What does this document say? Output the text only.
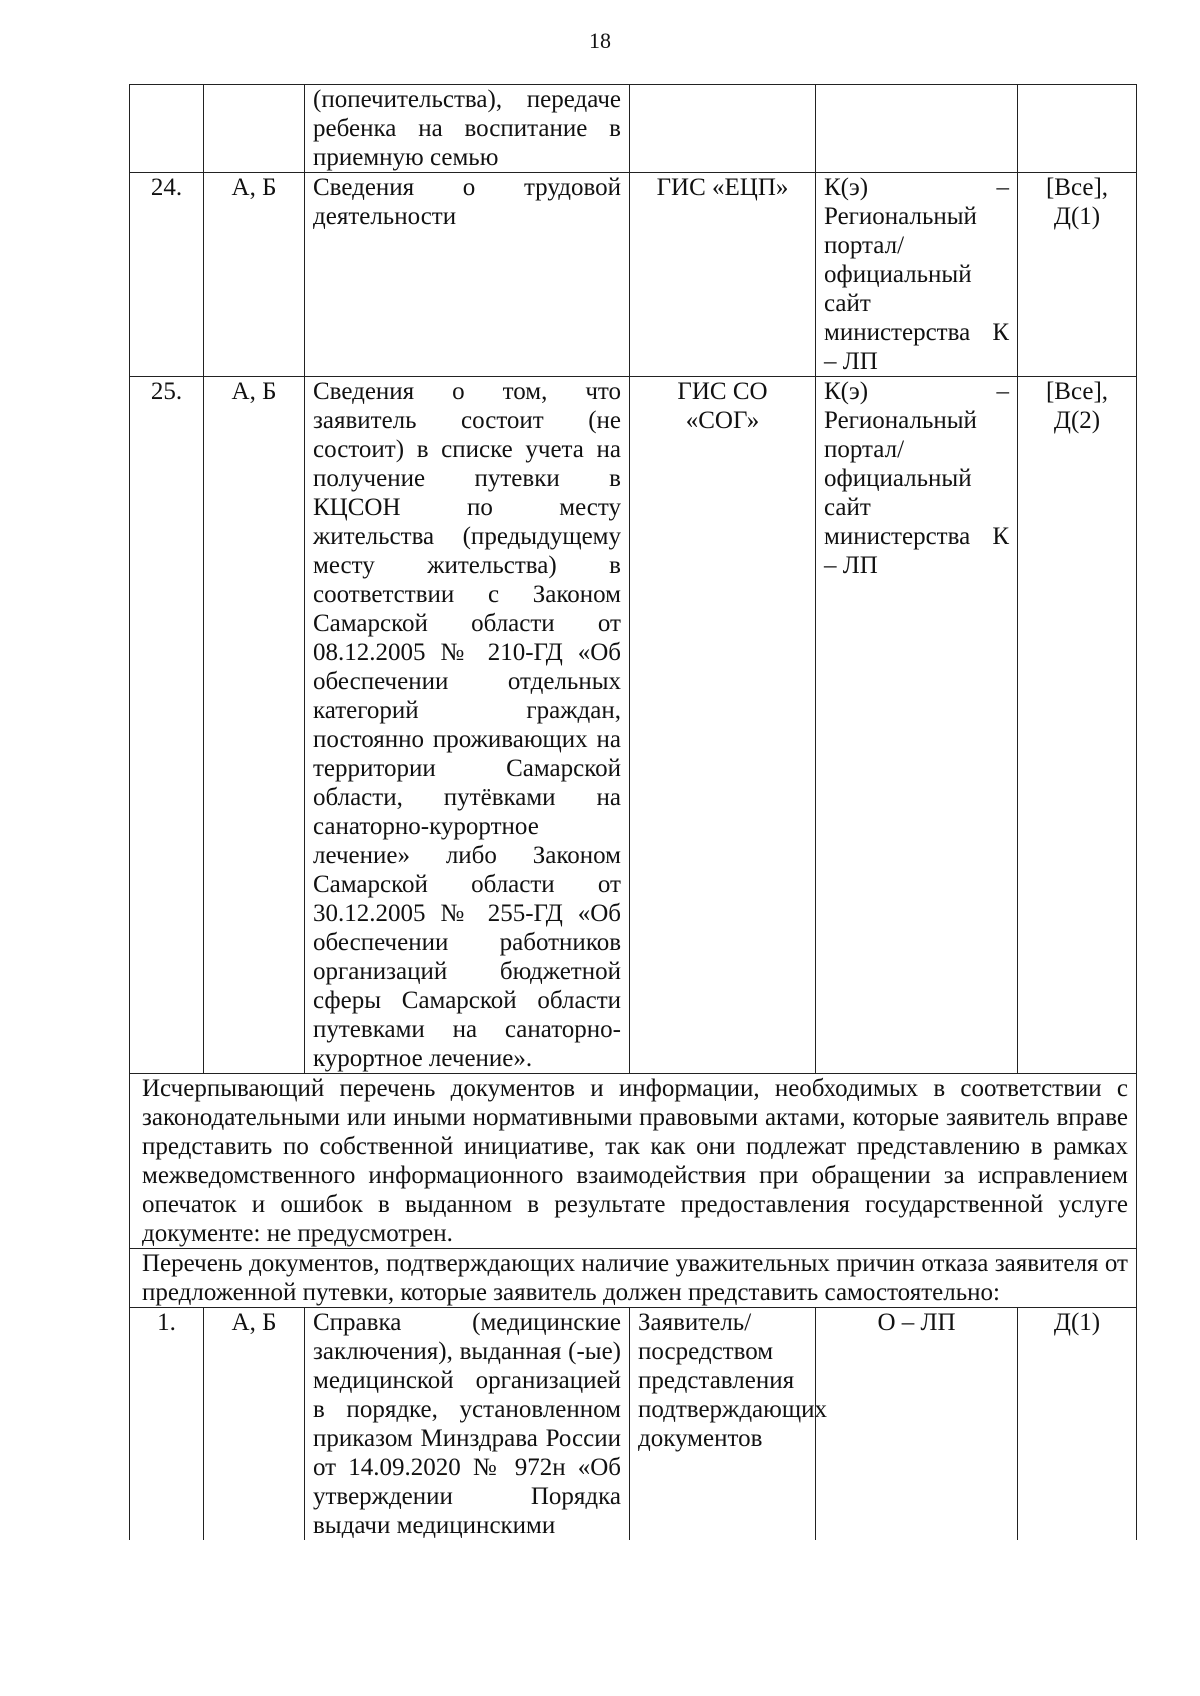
18
		(попечительства), передаче ребенка на воспитание в приемную семью			
24.	А, Б	Сведения о трудовой деятельности	ГИС «ЕЦП»	К(э) – Региональный портал/официальный сайт министерства К – ЛП	[Все], Д(1)
25.	А, Б	Сведения о том, что заявитель состоит (не состоит) в списке учета на получение путевки в КЦСОН по месту жительства (предыдущему месту жительства) в соответствии с Законом Самарской области от 08.12.2005 № 210-ГД «Об обеспечении отдельных категорий граждан, постоянно проживающих на территории Самарской области, путёвками на санаторно-курортное лечение» либо Законом Самарской области от 30.12.2005 № 255-ГД «Об обеспечении работников организаций бюджетной сферы Самарской области путевками на санаторно-курортное лечение».	ГИС СО «СОГ»	К(э) – Региональный портал/официальный сайт министерства К – ЛП	[Все], Д(2)
Исчерпывающий перечень документов и информации, необходимых в соответствии с законодательными или иными нормативными правовыми актами, которые заявитель вправе представить по собственной инициативе, так как они подлежат представлению в рамках межведомственного информационного взаимодействия при обращении за исправлением опечаток и ошибок в выданном в результате предоставления государственной услуге документе: не предусмотрен.					
Перечень документов, подтверждающих наличие уважительных причин отказа заявителя от предложенной путевки, которые заявитель должен представить самостоятельно:					
1.	А, Б	Справка (медицинские заключения), выданная (-ые) медицинской организацией в порядке, установленном приказом Минздрава России от 14.09.2020 № 972н «Об утверждении Порядка выдачи медицинскими	Заявитель/посредством представления подтверждающих документов	О – ЛП	Д(1)
